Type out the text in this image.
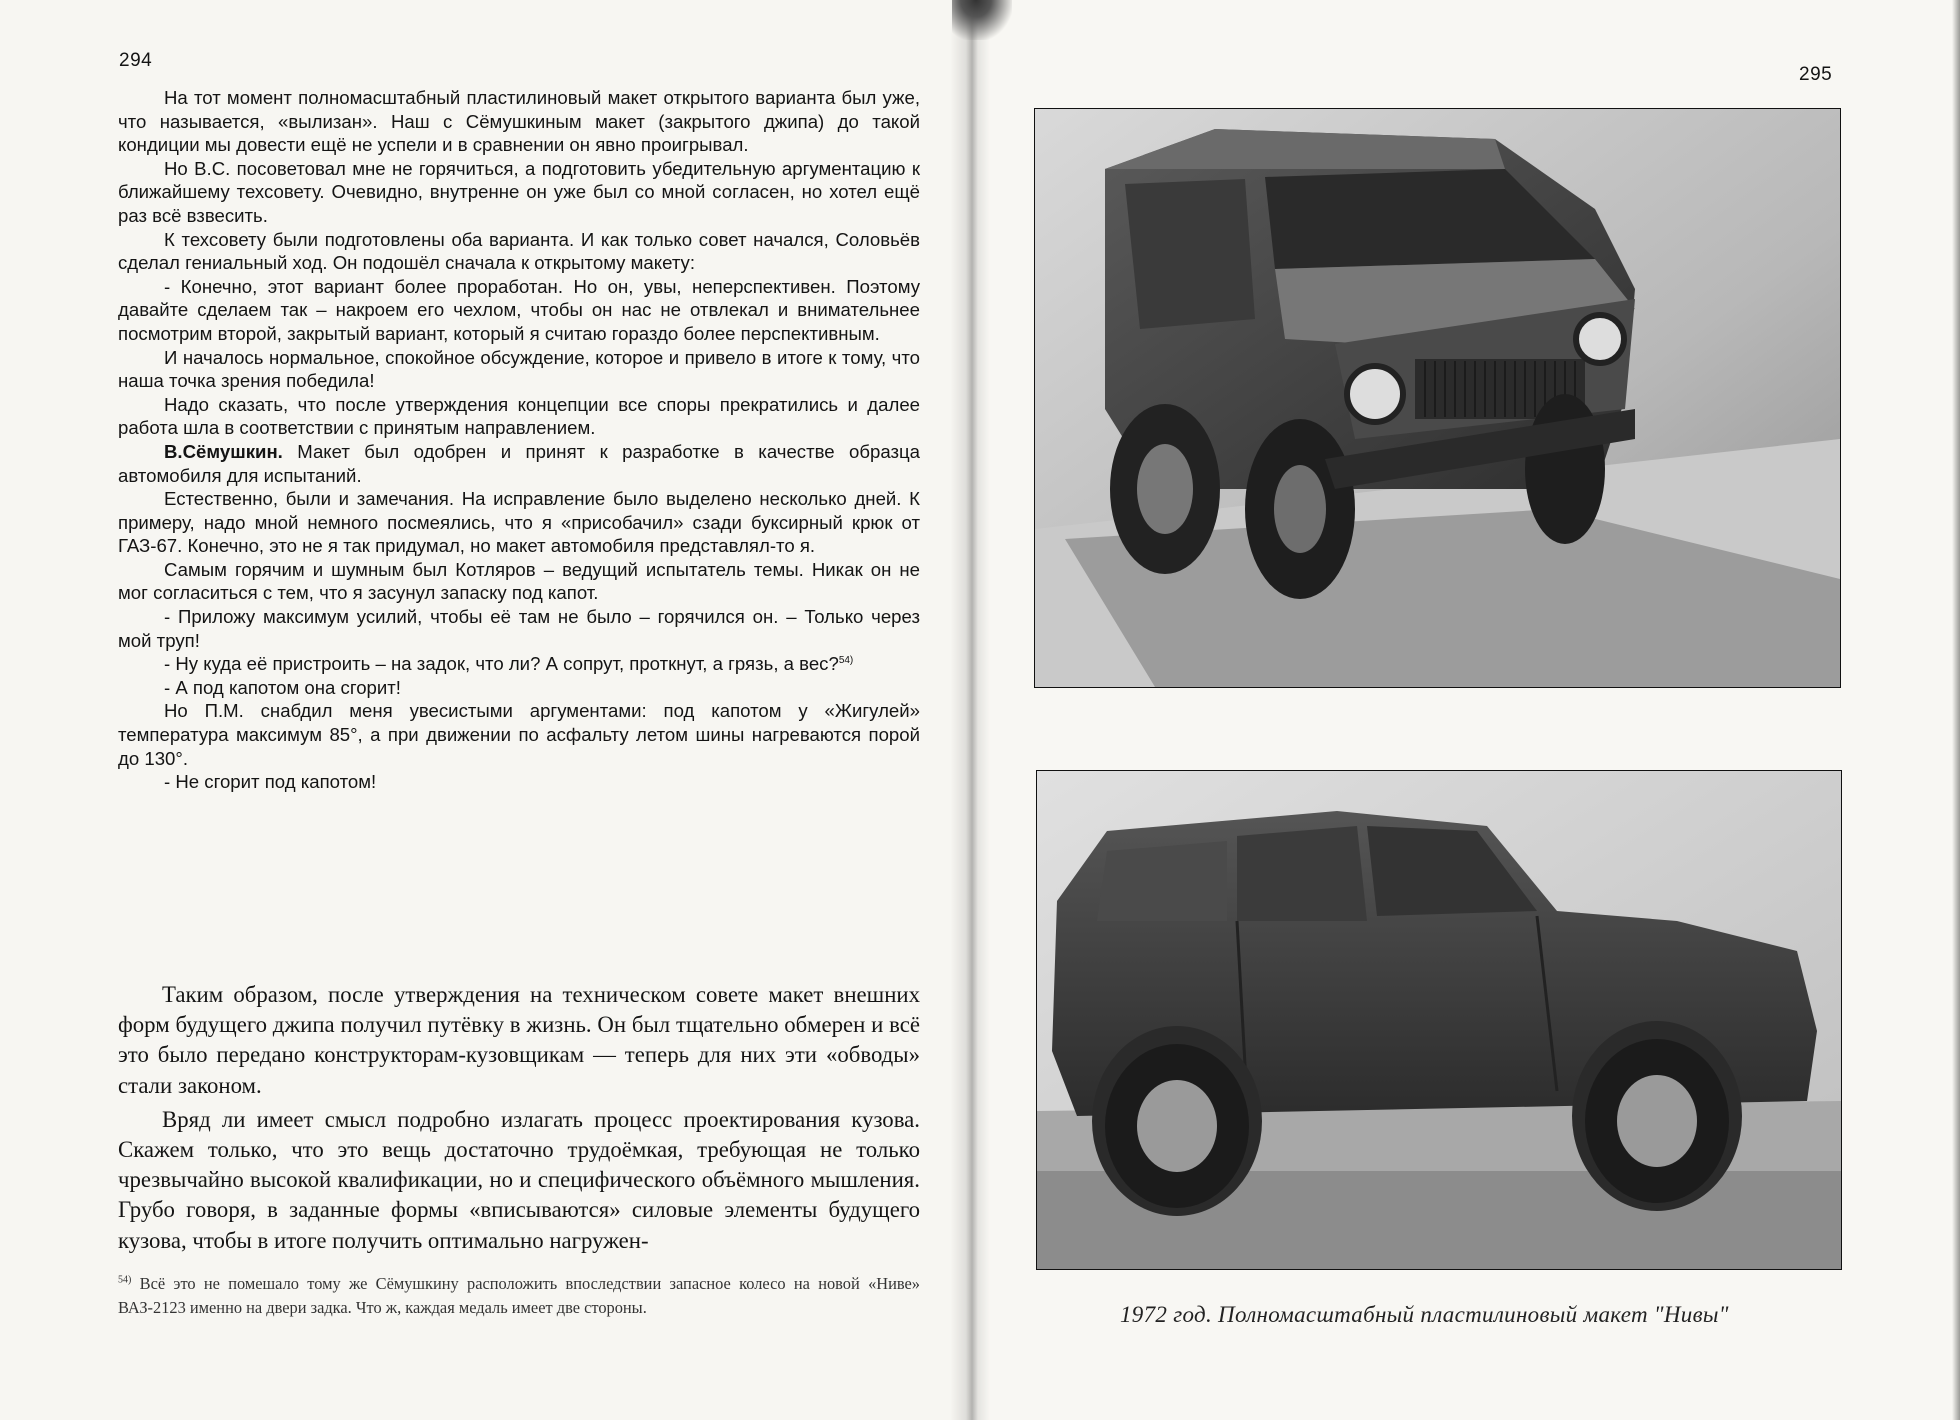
294
295

На тот момент полномасштабный пластилиновый макет открытого варианта был уже, что называется, «вылизан». Наш с Сёмушкиным макет (закрытого джипа) до такой кондиции мы довести ещё не успели и в сравнении он явно проигрывал.

Но В.С. посоветовал мне не горячиться, а подготовить убедительную аргументацию к ближайшему техсовету. Очевидно, внутренне он уже был со мной согласен, но хотел ещё раз всё взвесить.

К техсовету были подготовлены оба варианта. И как только совет начался, Соловьёв сделал гениальный ход. Он подошёл сначала к открытому макету:

- Конечно, этот вариант более проработан. Но он, увы, неперспективен. Поэтому давайте сделаем так – накроем его чехлом, чтобы он нас не отвлекал и внимательнее посмотрим второй, закрытый вариант, который я считаю гораздо более перспективным.

И началось нормальное, спокойное обсуждение, которое и привело в итоге к тому, что наша точка зрения победила!

Надо сказать, что после утверждения концепции все споры прекратились и далее работа шла в соответствии с принятым направлением.

В.Сёмушкин. Макет был одобрен и принят к разработке в качестве образца автомобиля для испытаний.

Естественно, были и замечания. На исправление было выделено несколько дней. К примеру, надо мной немного посмеялись, что я «присобачил» сзади буксирный крюк от ГАЗ-67. Конечно, это не я так придумал, но макет автомобиля представлял-то я.

Самым горячим и шумным был Котляров – ведущий испытатель темы. Никак он не мог согласиться с тем, что я засунул запаску под капот.

- Приложу максимум усилий, чтобы её там не было – горячился он. – Только через мой труп!

- Ну куда её пристроить – на задок, что ли? А сопрут, проткнут, а грязь, а вес?$^{54)}$

- А под капотом она сгорит!

Но П.М. снабдил меня увесистыми аргументами: под капотом у «Жигулей» температура максимум 85°, а при движении по асфальту летом шины нагреваются порой до 130°.

- Не сгорит под капотом!

Таким образом, после утверждения на техническом совете макет внешних форм будущего джипа получил путёвку в жизнь. Он был тщательно обмерен и всё это было передано конструкторам-кузовщикам — теперь для них эти «обводы» стали законом.

Вряд ли имеет смысл подробно излагать процесс проектирования кузова. Скажем только, что это вещь достаточно трудоёмкая, требующая не только чрезвычайно высокой квалификации, но и специфического объёмного мышления. Грубо говоря, в заданные формы «вписываются» силовые элементы будущего кузова, чтобы в итоге получить оптимально нагружен-

$^{54)}$ Всё это не помешало тому же Сёмушкину расположить впоследствии запасное колесо на новой «Ниве» ВАЗ-2123 именно на двери задка. Что ж, каждая медаль имеет две стороны.	1972 год. Полномасштабный пластилиновый макет "Нивы"
